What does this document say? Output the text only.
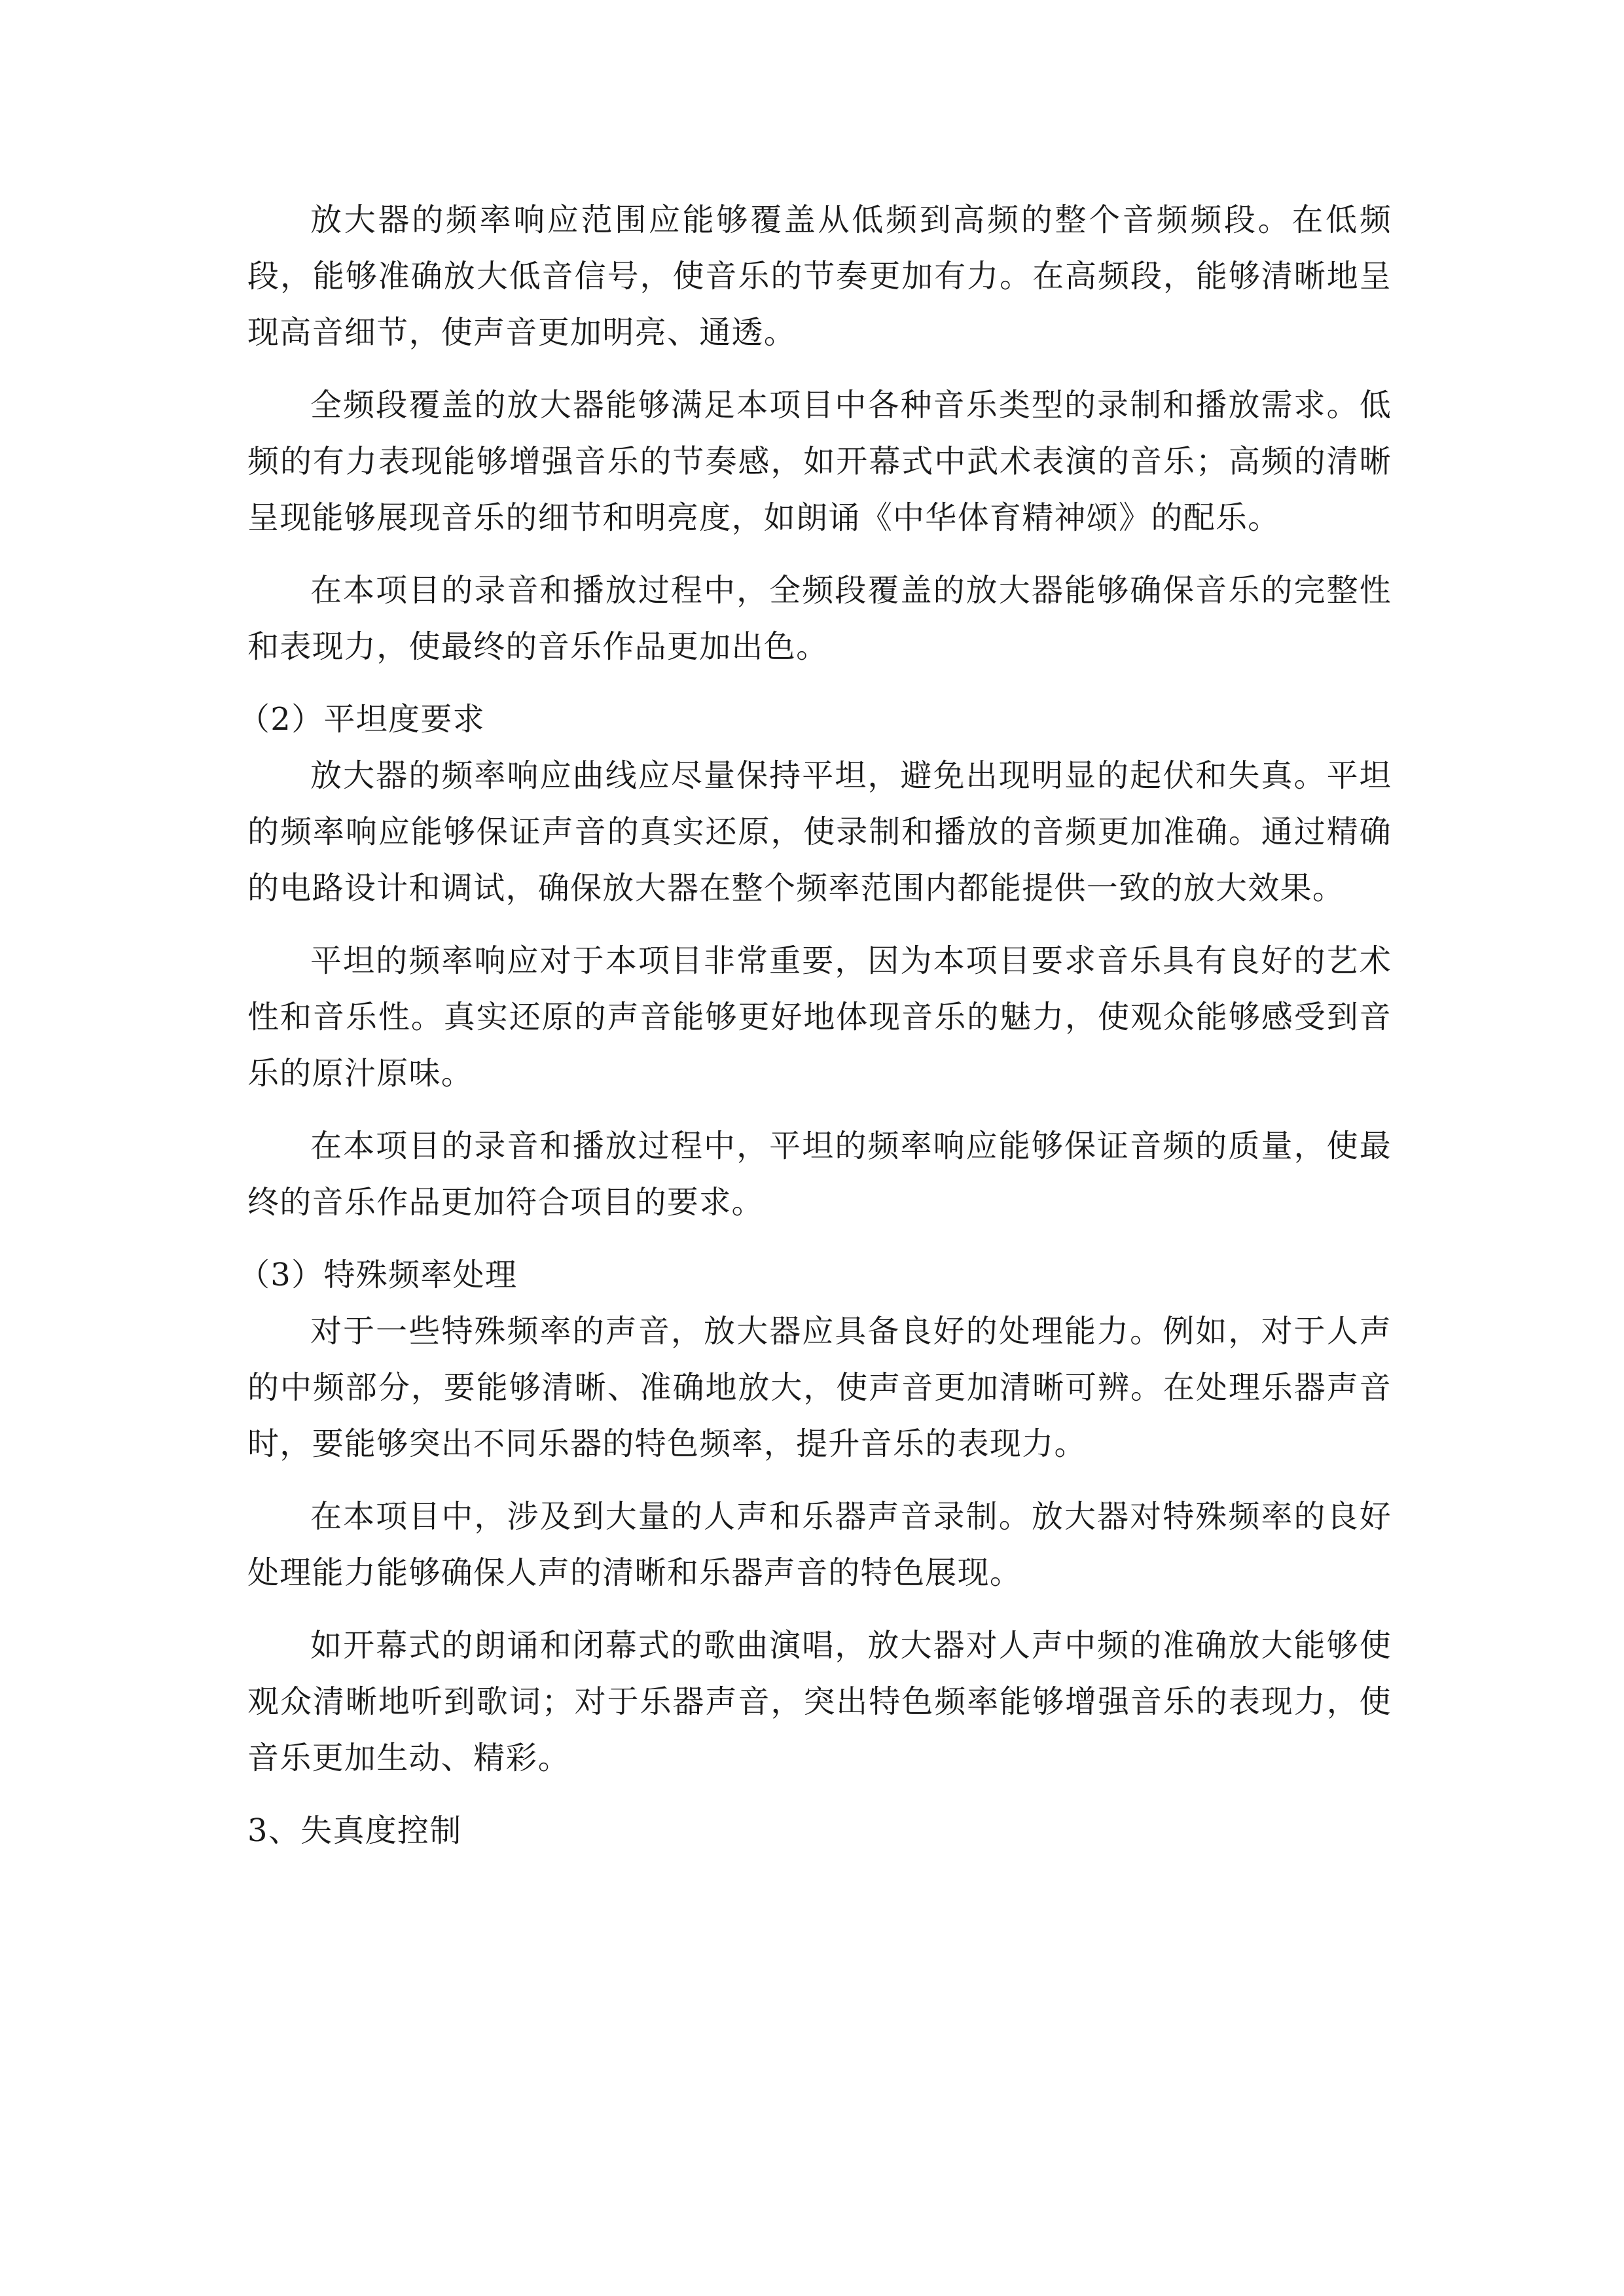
放大器的频率响应范围应能够覆盖从低频到高频的整个音频频段。在低频段，能够准确放大低音信号，使音乐的节奏更加有力。在高频段，能够清晰地呈现高音细节，使声音更加明亮、通透。

全频段覆盖的放大器能够满足本项目中各种音乐类型的录制和播放需求。低频的有力表现能够增强音乐的节奏感，如开幕式中武术表演的音乐；高频的清晰呈现能够展现音乐的细节和明亮度，如朗诵《中华体育精神颂》的配乐。

在本项目的录音和播放过程中，全频段覆盖的放大器能够确保音乐的完整性和表现力，使最终的音乐作品更加出色。

（2）平坦度要求

放大器的频率响应曲线应尽量保持平坦，避免出现明显的起伏和失真。平坦的频率响应能够保证声音的真实还原，使录制和播放的音频更加准确。通过精确的电路设计和调试，确保放大器在整个频率范围内都能提供一致的放大效果。

平坦的频率响应对于本项目非常重要，因为本项目要求音乐具有良好的艺术性和音乐性。真实还原的声音能够更好地体现音乐的魅力，使观众能够感受到音乐的原汁原味。

在本项目的录音和播放过程中，平坦的频率响应能够保证音频的质量，使最终的音乐作品更加符合项目的要求。

（3）特殊频率处理

对于一些特殊频率的声音，放大器应具备良好的处理能力。例如，对于人声的中频部分，要能够清晰、准确地放大，使声音更加清晰可辨。在处理乐器声音时，要能够突出不同乐器的特色频率，提升音乐的表现力。

在本项目中，涉及到大量的人声和乐器声音录制。放大器对特殊频率的良好处理能力能够确保人声的清晰和乐器声音的特色展现。

如开幕式的朗诵和闭幕式的歌曲演唱，放大器对人声中频的准确放大能够使观众清晰地听到歌词；对于乐器声音，突出特色频率能够增强音乐的表现力，使音乐更加生动、精彩。

3、失真度控制
